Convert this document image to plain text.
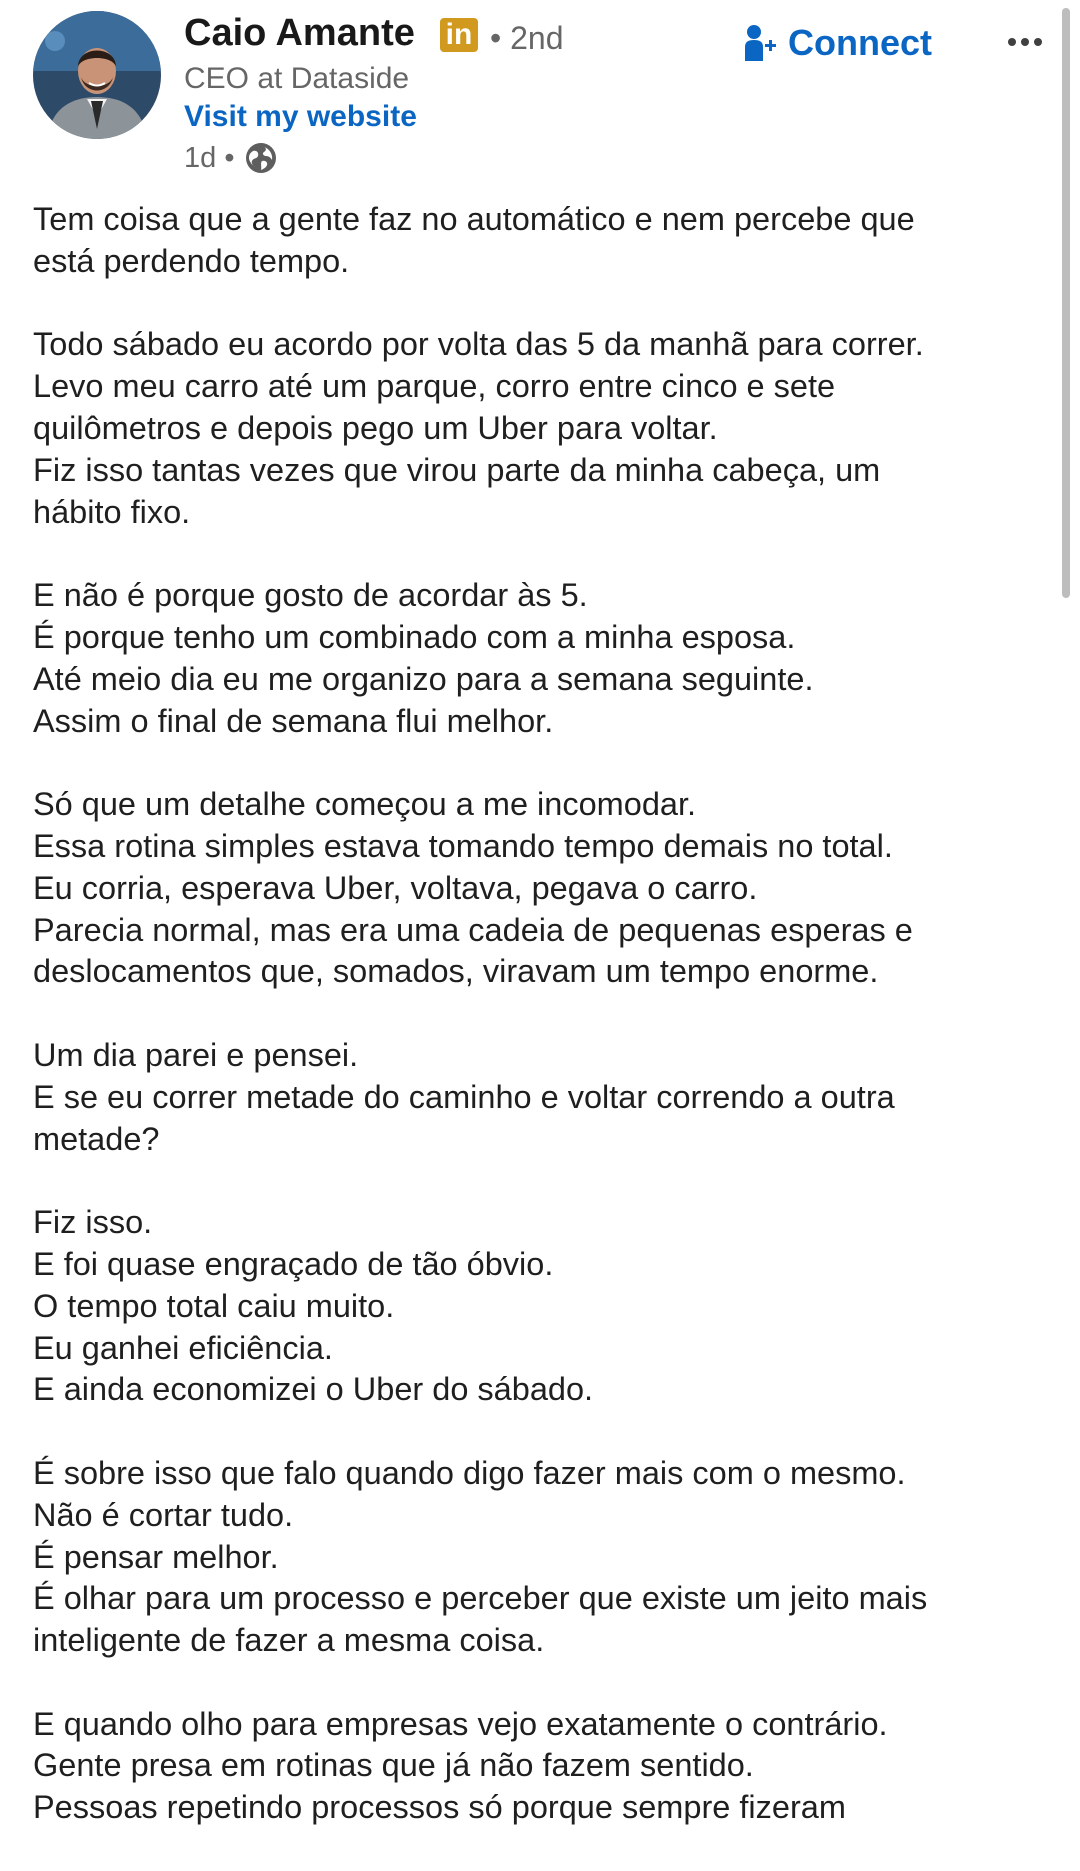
Caio Amante in • 2nd
CEO at Dataside
Visit my website
1d •
Connect
Tem coisa que a gente faz no automático e nem percebe que
está perdendo tempo.
Todo sábado eu acordo por volta das 5 da manhã para correr.
Levo meu carro até um parque, corro entre cinco e sete
quilômetros e depois pego um Uber para voltar.
Fiz isso tantas vezes que virou parte da minha cabeça, um
hábito fixo.
E não é porque gosto de acordar às 5.
É porque tenho um combinado com a minha esposa.
Até meio dia eu me organizo para a semana seguinte.
Assim o final de semana flui melhor.
Só que um detalhe começou a me incomodar.
Essa rotina simples estava tomando tempo demais no total.
Eu corria, esperava Uber, voltava, pegava o carro.
Parecia normal, mas era uma cadeia de pequenas esperas e
deslocamentos que, somados, viravam um tempo enorme.
Um dia parei e pensei.
E se eu correr metade do caminho e voltar correndo a outra
metade?
Fiz isso.
E foi quase engraçado de tão óbvio.
O tempo total caiu muito.
Eu ganhei eficiência.
E ainda economizei o Uber do sábado.
É sobre isso que falo quando digo fazer mais com o mesmo.
Não é cortar tudo.
É pensar melhor.
É olhar para um processo e perceber que existe um jeito mais
inteligente de fazer a mesma coisa.
E quando olho para empresas vejo exatamente o contrário.
Gente presa em rotinas que já não fazem sentido.
Pessoas repetindo processos só porque sempre fizeram
